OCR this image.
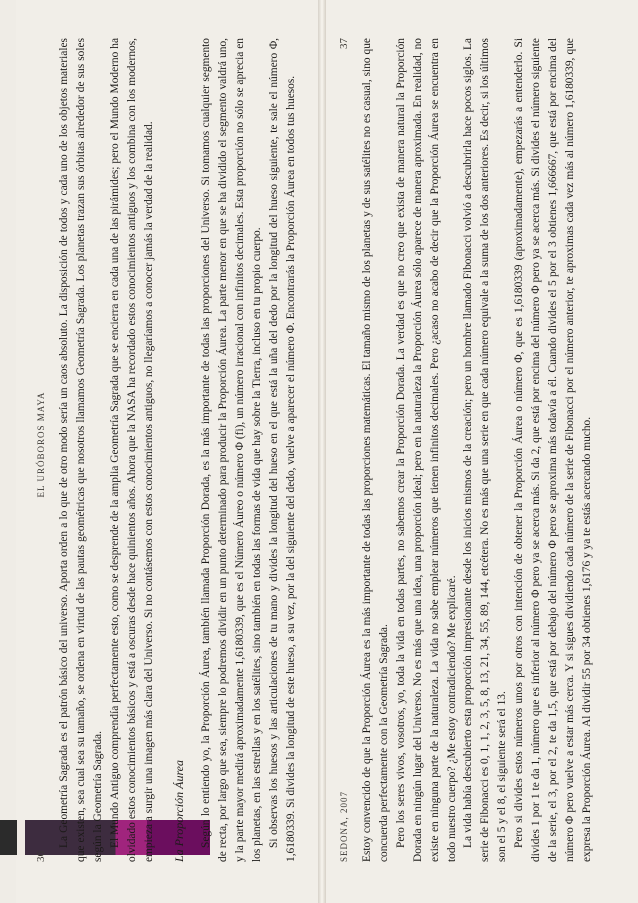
36
EL URÓBOROS MAYA La Geometría Sagrada es el patrón básico del universo. Aporta orden a lo que de otro modo sería un caos absoluto. La disposición de todos y cada uno de los objetos materiales que existen, sea cual sea su tamaño, se ordena en virtud de las pautas geométricas que nosotros llamamos Geometría Sagrada. Los planetas trazan sus órbitas alrededor de sus soles según la Geometría Sagrada. El Mundo Antiguo comprendía perfectamente esto, como se desprende de la amplia Geometría Sagrada que se encierra en cada una de las pirámides; pero el Mundo Moderno ha olvidado estos conocimientos básicos y está a oscuras desde hace quinientos años. Ahora que la NASA ha recordado estos conocimientos antiguos y los combina con los modernos, empieza a surgir una imagen más clara del Universo. Si no contásemos con estos conocimientos antiguos, no llegaríamos a conocer jamás la verdad de la realidad. La Proporción Áurea Según lo entiendo yo, la Proporción Áurea, también llamada Proporción Dorada, es la más importante de todas las proporciones del Universo. Si tomamos cualquier segmento de recta, por largo que sea, siempre lo podremos dividir en un punto determinado para producir la Proporción Áurea. La parte menor en que se ha dividido el segmento valdrá uno, y la parte mayor medirá aproximadamente 1,6180339, que es el Número Áureo o número Φ (fi), un número irracional con infinitos decimales. Esta proporción no sólo se aprecia en los planetas, en las estrellas y en los satélites, sino también en todas las formas de vida que hay sobre la Tierra, incluso en tu propio cuerpo. Si observas los huesos y las articulaciones de tu mano y divides la longitud del hueso en el que está la uña del dedo por la longitud del hueso siguiente, te sale el número Φ, 1,6180339. Si divides la longitud de este hueso, a su vez, por la del siguiente del dedo, vuelve a aparecer el número Φ. Encontrarás la Proporción Áurea en todos tus huesos.	SEDONA, 2007
37 Estoy convencido de que la Proporción Áurea es la más importante de todas las proporciones matemáticas. El tamaño mismo de los planetas y de sus satélites no es casual, sino que concuerda perfectamente con la Geometría Sagrada. Pero los seres vivos, vosotros, yo, toda la vida en todas partes, no sabemos crear la Proporción Dorada. La verdad es que no creo que exista de manera natural la Proporción Dorada en ningún lugar del Universo. No es más que una idea, una proporción ideal; pero en la naturaleza la Proporción Áurea sólo aparece de manera aproximada. En realidad, no existe en ninguna parte de la naturaleza. La vida no sabe emplear números que tienen infinitos decimales. Pero ¿acaso no acabo de decir que la Proporción Áurea se encuentra en todo nuestro cuerpo? ¿Me estoy contradiciendo? Me explicaré. La vida había descubierto esta proporción impresionante desde los inicios mismos de la creación; pero un hombre llamado Fibonacci volvió a descubrirla hace pocos siglos. La serie de Fibonacci es 0, 1, 1, 2, 3, 5, 8, 13, 21, 34, 55, 89, 144, etcétera. No es más que una serie en que cada número equivale a la suma de los dos anteriores. Es decir, si los últimos son el 5 y el 8, el siguiente será el 13. Pero si divides estos números unos por otros con intención de obtener la Proporción Áurea o número Φ, que es 1,6180339 (aproximadamente), empezarás a entenderlo. Si divides 1 por 1 te da 1, número que es inferior al número Φ pero ya se acerca más. Si da 2, que está por encima del número Φ pero ya se acerca más. Si divides el número siguiente de la serie, el 3, por el 2, te da 1,5, que está por debajo del número Φ pero se aproxima más todavía a él. Cuando divides el 5 por el 3 obtienes 1,666667, que está por encima del número Φ pero vuelve a estar más cerca. Y si sigues dividiendo cada número de la serie de Fibonacci por el número anterior, te aproximas cada vez más al número 1,6180339, que expresa la Proporción Áurea. Al dividir 55 por 34 obtienes 1,6176 y ya te estás acercando mucho.
